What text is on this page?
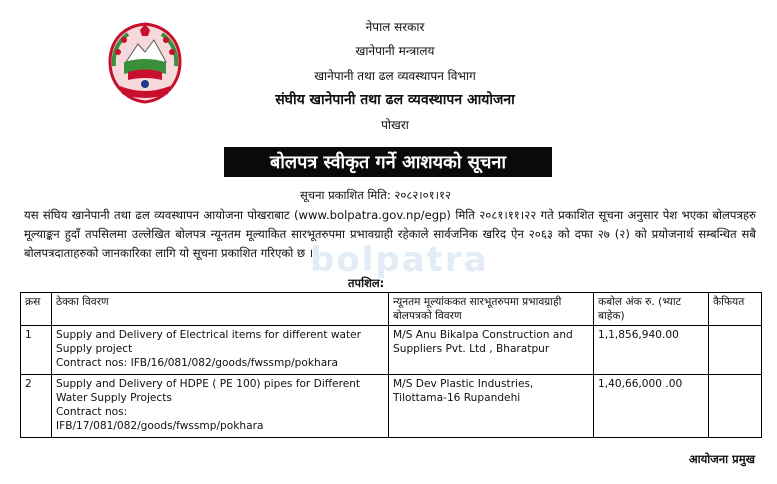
नेपाल सरकार
खानेपानी मन्त्रालय
खानेपानी तथा ढल व्यवस्थापन विभाग
संघीय खानेपानी तथा ढल व्यवस्थापन आयोजना
पोखरा
बोलपत्र स्वीकृत गर्ने आशयको सूचना
सूचना प्रकाशित मिति: २०८२।०१।१२
bolpatra
यस संघिय खानेपानी तथा ढल व्यवस्थापन आयोजना पोखराबाट (www.bolpatra.gov.np/egp) मिति २०८१।११।२२ गते प्रकाशित सूचना अनुसार पेश भएका बोलपत्रहरु मूल्याङ्कन हुदाँ तपसिलमा उल्लेखित बोलपत्र न्यूनतम मूल्याकित सारभूतरुपमा प्रभावग्राही रहेकाले सार्वजनिक खरिद ऐन २०६३ को दफा २७ (२) को प्रयोजनार्थ सम्बन्धित सबै बोलपत्रदाताहरुको जानकारिका लागि यो सूचना प्रकाशित गरिएको छ ।
तपशिल:
क्रस	ठेक्का विवरण	न्यूनतम मूल्यांककत सारभूतरुपमा प्रभावग्राही बोलपत्रको विवरण	कबोल अंक रु. (भ्याट बाहेक)	कैफियत
1	Supply and Delivery of Electrical items for different water
Supply project
Contract nos: IFB/16/081/082/goods/fwssmp/pokhara	M/S Anu Bikalpa Construction and
Suppliers Pvt. Ltd , Bharatpur	1,1,856,940.00	
2	Supply and Delivery of HDPE ( PE 100) pipes for Different
Water Supply Projects
Contract nos:
IFB/17/081/082/goods/fwssmp/pokhara	M/S Dev Plastic Industries,
Tilottama-16 Rupandehi	1,40,66,000 .00	
आयोजना प्रमुख
